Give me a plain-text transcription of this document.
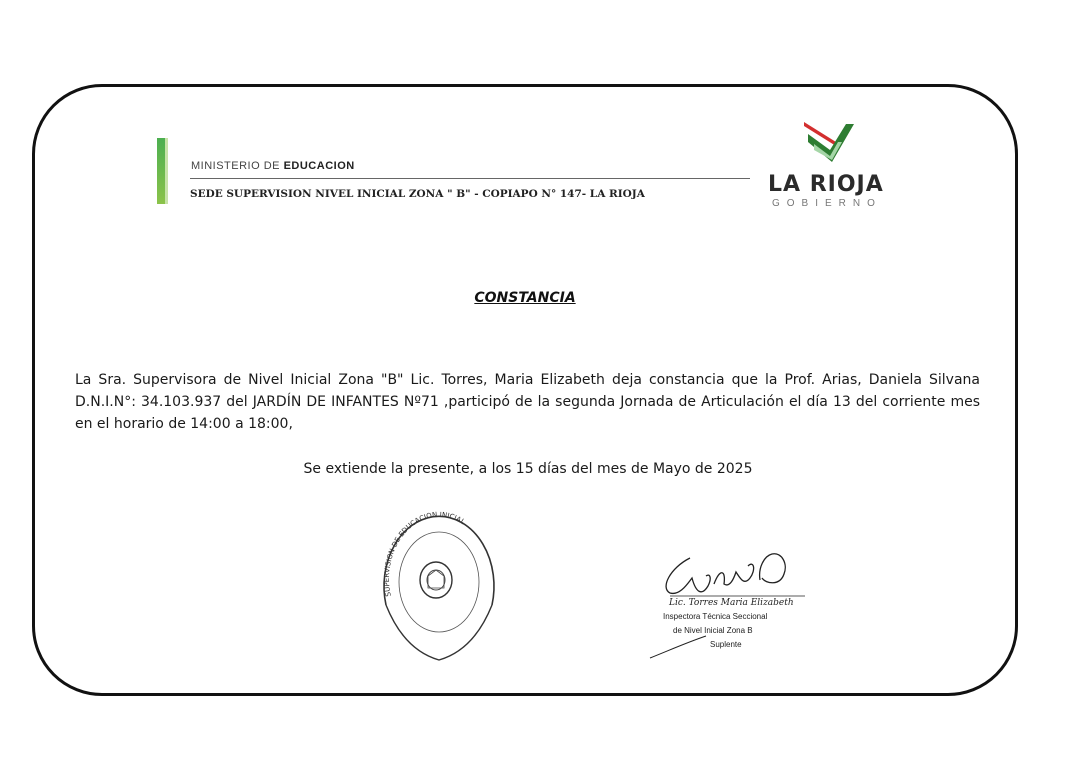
MINISTERIO DE EDUCACION
SEDE SUPERVISION NIVEL INICIAL ZONA " B" - COPIAPO N° 147- LA RIOJA	LA RIOJA
GOBIERNO
CONSTANCIA
La Sra. Supervisora de Nivel Inicial Zona "B" Lic. Torres, Maria Elizabeth deja constancia que la Prof. Arias, Daniela Silvana D.N.I.N°: 34.103.937 del JARDÍN DE INFANTES Nº71 ,participó de la segunda Jornada de Articulación el día 13 del corriente mes en el horario de 14:00 a 18:00,
Se extiende la presente, a los 15 días del mes de Mayo de 2025
SUPERVISION DE EDUCACION INICIAL
Lic. Torres Maria Elizabeth
Inspectora Técnica Seccional
de Nivel Inicial Zona B
Suplente
